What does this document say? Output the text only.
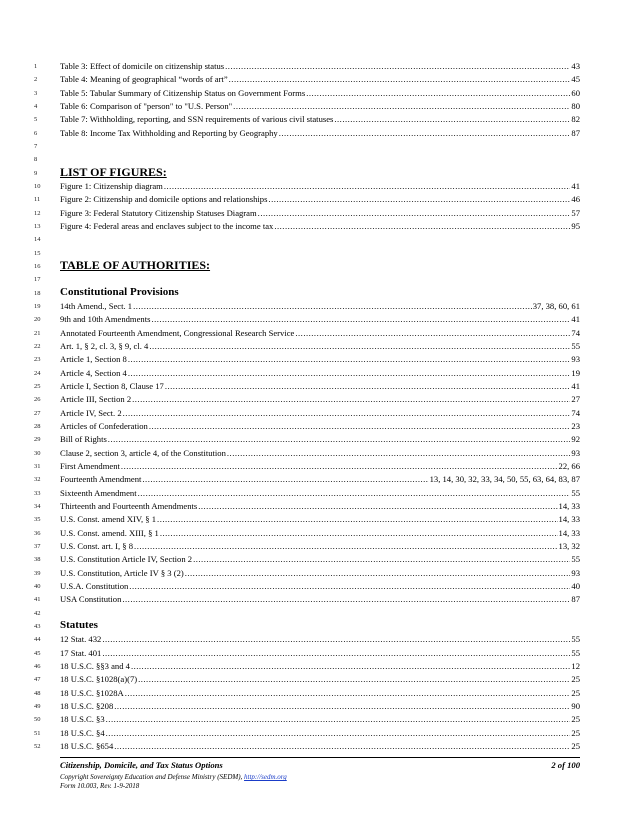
1	Table 3: Effect of domicile on citizenship status .....	43
2	Table 4: Meaning of geographical “words of art” .....	45
3	Table 5: Tabular Summary of Citizenship Status on Government Forms .....	60
4	Table 6: Comparison of "person" to "U.S. Person" .....	80
5	Table 7: Withholding, reporting, and SSN requirements of various civil statuses .....	82
6	Table 8: Income Tax Withholding and Reporting by Geography .....	87
7
8
9	LIST OF FIGURES:
10	Figure 1: Citizenship diagram .....	41
11	Figure 2: Citizenship and domicile options and relationships .....	46
12	Figure 3: Federal Statutory Citizenship Statuses Diagram .....	57
13	Figure 4: Federal areas and enclaves subject to the income tax .....	95
14
15
16	TABLE OF AUTHORITIES:
17
18	Constitutional Provisions
19	14th Amend., Sect. 1 .....	37, 38, 60, 61
20	9th and 10th Amendments .....	41
21	Annotated Fourteenth Amendment, Congressional Research Service .....	74
22	Art. 1, § 2, cl. 3, § 9, cl. 4 .....	55
23	Article 1, Section 8 .....	93
24	Article 4, Section 4 .....	19
25	Article I, Section 8, Clause 17 .....	41
26	Article III, Section 2 .....	27
27	Article IV, Sect. 2 .....	74
28	Articles of Confederation .....	23
29	Bill of Rights .....	92
30	Clause 2, section 3, article 4, of the Constitution .....	93
31	First Amendment .....	22, 66
32	Fourteenth Amendment .....	13, 14, 30, 32, 33, 34, 50, 55, 63, 64, 83, 87
33	Sixteenth Amendment .....	55
34	Thirteenth and Fourteenth Amendments .....	14, 33
35	U.S. Const. amend XIV, § 1 .....	14, 33
36	U.S. Const. amend. XIII, § 1 .....	14, 33
37	U.S. Const. art. I, § 8 .....	13, 32
38	U.S. Constitution Article IV, Section 2 .....	55
39	U.S. Constitution, Article IV § 3 (2) .....	93
40	U.S.A. Constitution .....	40
41	USA Constitution .....	87
42
43	Statutes
44	12 Stat. 432 .....	55
45	17 Stat. 401 .....	55
46	18 U.S.C. §§3 and 4 .....	12
47	18 U.S.C. §1028(a)(7) .....	25
48	18 U.S.C. §1028A .....	25
49	18 U.S.C. §208 .....	90
50	18 U.S.C. §3 .....	25
51	18 U.S.C. §4 .....	25
52	18 U.S.C. §654 .....	25
Citizenship, Domicile, and Tax Status Options	2 of 100
Copyright Sovereignty Education and Defense Ministry (SEDM), http://sedm.org
Form 10.003, Rev. 1-9-2018
